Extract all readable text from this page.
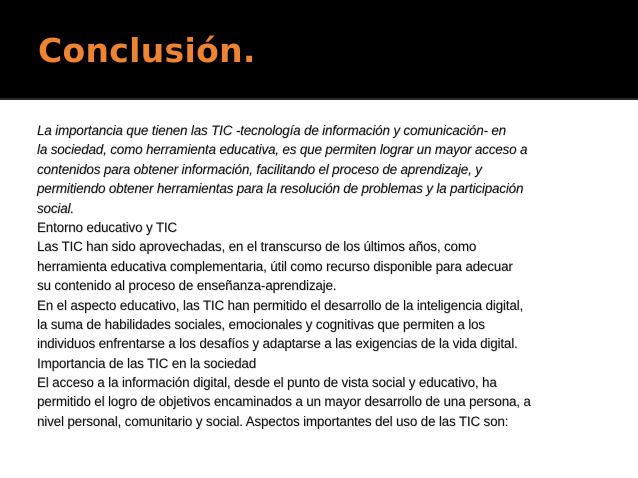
Conclusión.
La importancia que tienen las TIC -tecnología de información y comunicación- en
la sociedad, como herramienta educativa, es que permiten lograr un mayor acceso a
contenidos para obtener información, facilitando el proceso de aprendizaje, y
permitiendo obtener herramientas para la resolución de problemas y la participación
social.
Entorno educativo y TIC
Las TIC han sido aprovechadas, en el transcurso de los últimos años, como
herramienta educativa complementaria, útil como recurso disponible para adecuar
su contenido al proceso de enseñanza-aprendizaje.
En el aspecto educativo, las TIC han permitido el desarrollo de la inteligencia digital,
la suma de habilidades sociales, emocionales y cognitivas que permiten a los
individuos enfrentarse a los desafíos y adaptarse a las exigencias de la vida digital.
Importancia de las TIC en la sociedad
El acceso a la información digital, desde el punto de vista social y educativo, ha
permitido el logro de objetivos encaminados a un mayor desarrollo de una persona, a
nivel personal, comunitario y social. Aspectos importantes del uso de las TIC son:
